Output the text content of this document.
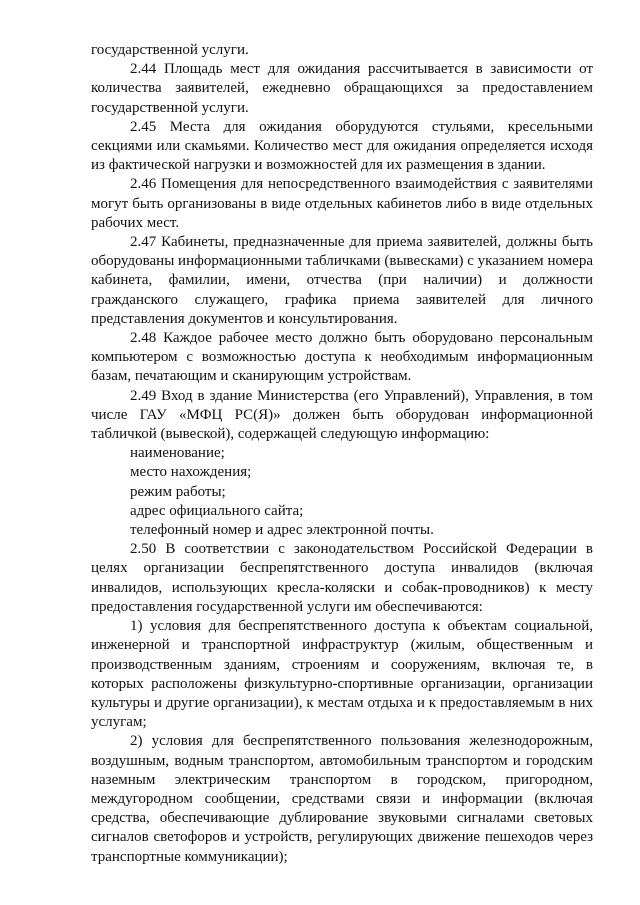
государственной услуги.

2.44 Площадь мест для ожидания рассчитывается в зависимости от количества заявителей, ежедневно обращающихся за предоставлением государственной услуги.

2.45 Места для ожидания оборудуются стульями, кресельными секциями или скамьями. Количество мест для ожидания определяется исходя из фактической нагрузки и возможностей для их размещения в здании.

2.46 Помещения для непосредственного взаимодействия с заявителями могут быть организованы в виде отдельных кабинетов либо в виде отдельных рабочих мест.

2.47 Кабинеты, предназначенные для приема заявителей, должны быть оборудованы информационными табличками (вывесками) с указанием номера кабинета, фамилии, имени, отчества (при наличии) и должности гражданского служащего, графика приема заявителей для личного представления документов и консультирования.

2.48 Каждое рабочее место должно быть оборудовано персональным компьютером с возможностью доступа к необходимым информационным базам, печатающим и сканирующим устройствам.

2.49 Вход в здание Министерства (его Управлений), Управления, в том числе ГАУ «МФЦ РС(Я)» должен быть оборудован информационной табличкой (вывеской), содержащей следующую информацию:

наименование;

место нахождения;

режим работы;

адрес официального сайта;

телефонный номер и адрес электронной почты.

2.50 В соответствии с законодательством Российской Федерации в целях организации беспрепятственного доступа инвалидов (включая инвалидов, использующих кресла-коляски и собак-проводников) к месту предоставления государственной услуги им обеспечиваются:

1) условия для беспрепятственного доступа к объектам социальной, инженерной и транспортной инфраструктур (жилым, общественным и производственным зданиям, строениям и сооружениям, включая те, в которых расположены физкультурно-спортивные организации, организации культуры и другие организации), к местам отдыха и к предоставляемым в них услугам;

2) условия для беспрепятственного пользования железнодорожным, воздушным, водным транспортом, автомобильным транспортом и городским наземным электрическим транспортом в городском, пригородном, междугородном сообщении, средствами связи и информации (включая средства, обеспечивающие дублирование звуковыми сигналами световых сигналов светофоров и устройств, регулирующих движение пешеходов через транспортные коммуникации);
